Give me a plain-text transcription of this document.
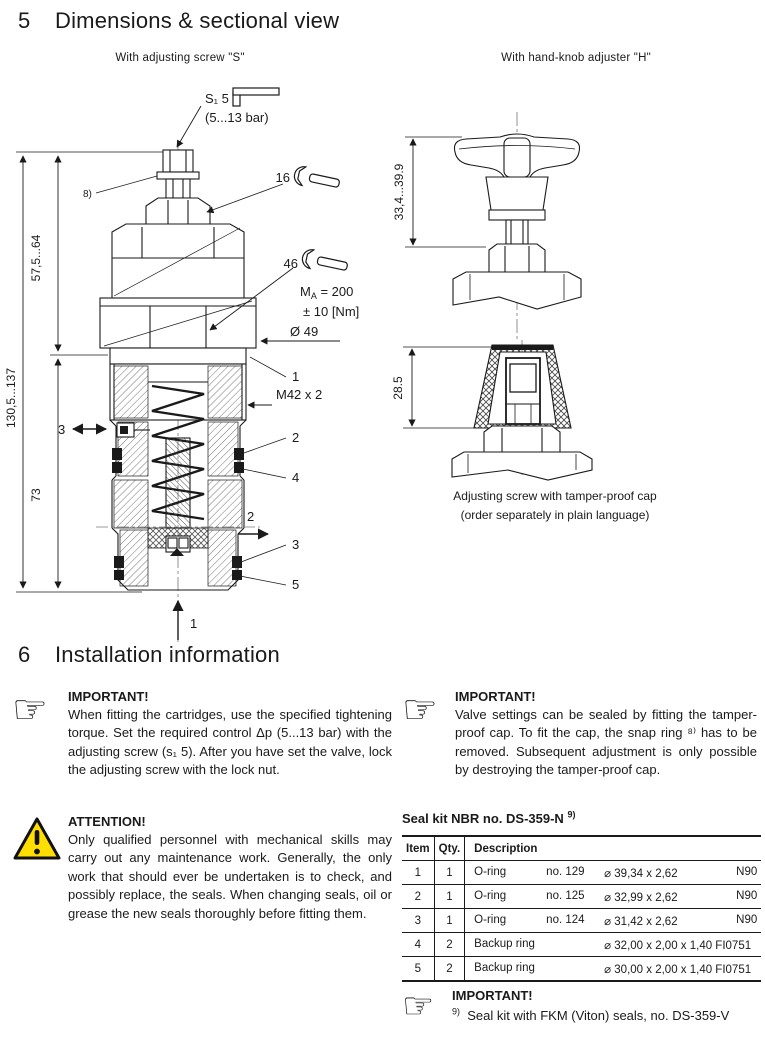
5	Dimensions & sectional view
With adjusting screw "S"	With hand-knob adjuster "H"
S₁ 5
(5...13 bar)
8)
16
46
$M_A = 200$
± 10 [Nm]
Ø 49
1
M42 x 2
2
4
2
3
5
3
1
57,5...64
73
130,5...137
33,4...39.9
28.5
Adjusting screw with tamper-proof cap
(order separately in plain language)
6	Installation information
☞ IMPORTANT!
When fitting the cartridges, use the specified tightening torque. Set the required control Δp (5...13 bar) with the adjusting screw (s₁ 5). After you have set the valve, lock the adjusting screw with the lock nut.
ATTENTION!
Only qualified personnel with mechanical skills may carry out any maintenance work. Generally, the only work that should ever be undertaken is to check, and possibly replace, the seals. When changing seals, oil or grease the new seals thoroughly before fitting them.
☞ IMPORTANT!
Valve settings can be sealed by fitting the tamper-proof cap. To fit the cap, the snap ring ⁸⁾ has to be removed. Subsequent adjustment is only possible by destroying the tamper-proof cap.
Seal kit NBR no. DS-359-N $^{9)}$
Item	Qty.	Description
1	1	O-ring no. 129 ⌀ 39,34 x 2,62 N90

2	1	O-ring no. 125 ⌀ 32,99 x 2,62 N90

3	1	O-ring no. 124 ⌀ 31,42 x 2,62 N90

4	2	Backup ring ⌀ 32,00 x 2,00 x 1,40 FI0751

5	2	Backup ring ⌀ 30,00 x 2,00 x 1,40 FI0751
☞ IMPORTANT!
$^{9)}$ Seal kit with FKM (Viton) seals, no. DS-359-V
